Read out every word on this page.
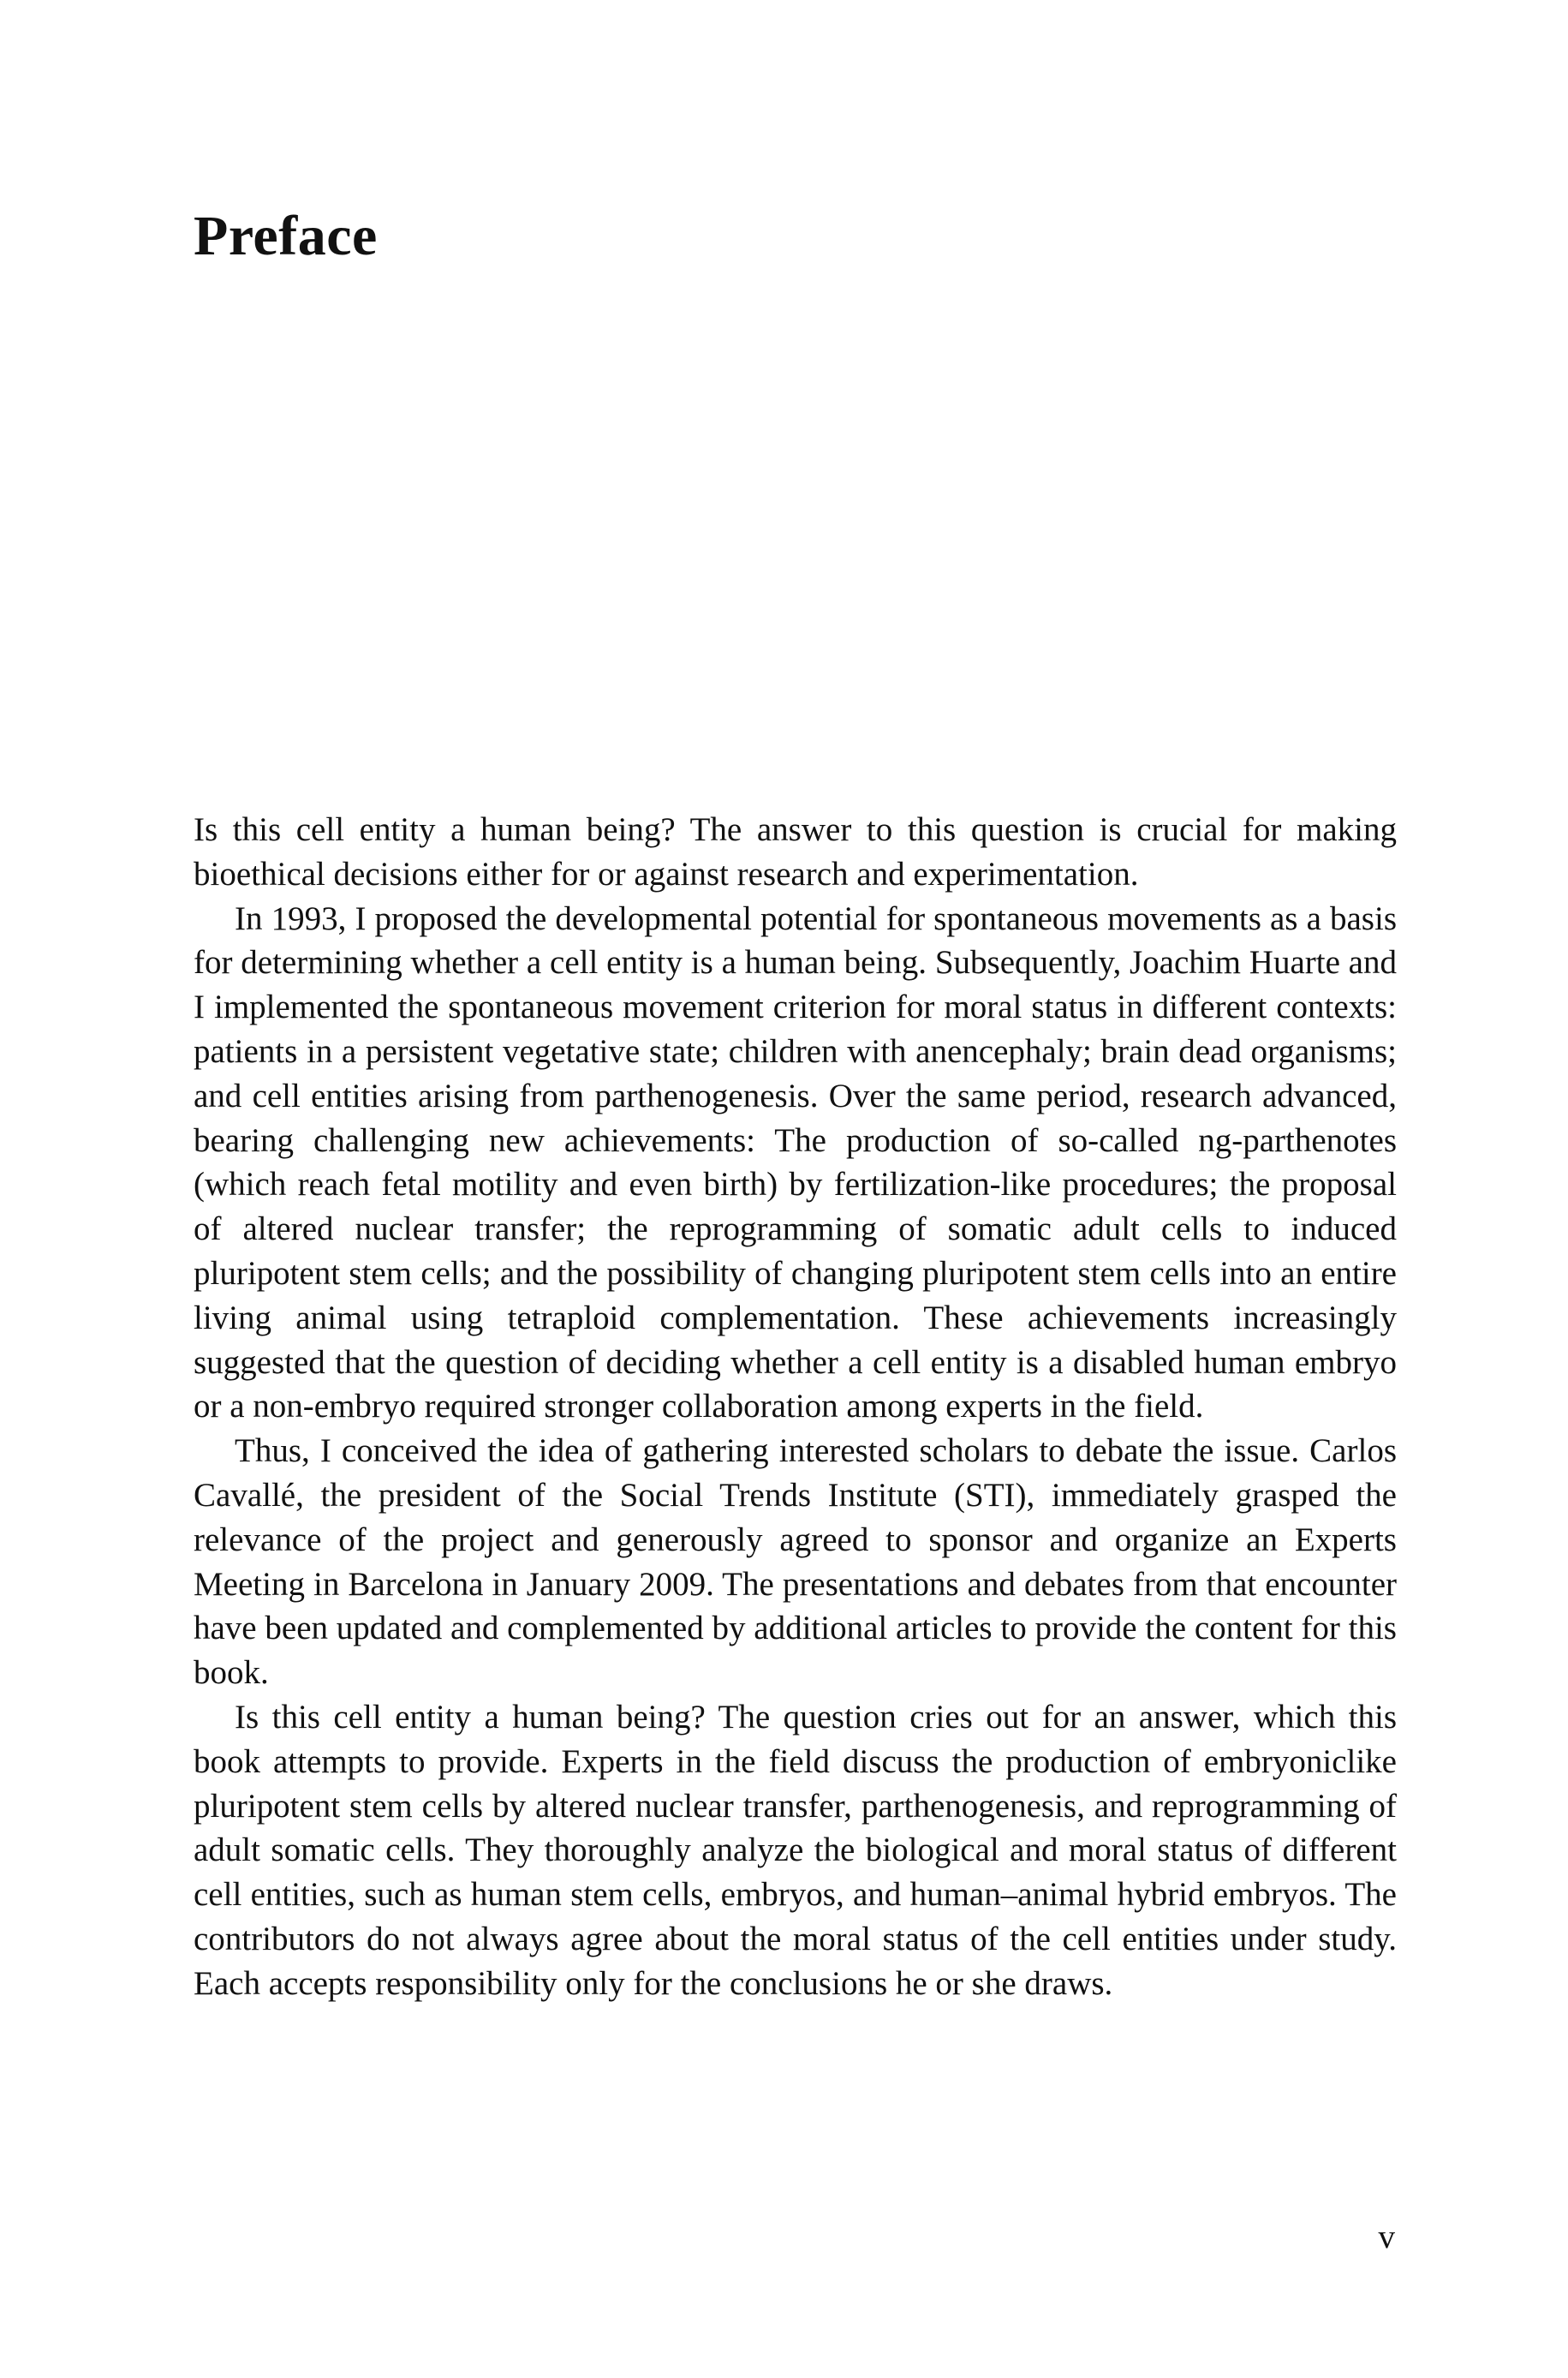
Preface

Is this cell entity a human being? The answer to this question is crucial for making bioethical decisions either for or against research and experimentation.

In 1993, I proposed the developmental potential for spontaneous movements as a basis for determining whether a cell entity is a human being. Subsequently, Joachim Huarte and I implemented the spontaneous movement criterion for moral status in different contexts: patients in a persistent vegetative state; children with anencephaly; brain dead organisms; and cell entities arising from parthenogenesis. Over the same period, research advanced, bearing challenging new achievements: The production of so-called ng-parthenotes (which reach fetal motility and even birth) by fertilization-like procedures; the proposal of altered nuclear transfer; the reprogramming of somatic adult cells to induced pluripotent stem cells; and the possibility of changing pluripotent stem cells into an entire living animal using tetraploid complementation. These achievements increasingly suggested that the question of deciding whether a cell entity is a disabled human embryo or a non-embryo required stronger collaboration among experts in the field.

Thus, I conceived the idea of gathering interested scholars to debate the issue. Carlos Cavallé, the president of the Social Trends Institute (STI), immediately grasped the relevance of the project and generously agreed to sponsor and organize an Experts Meeting in Barcelona in January 2009. The presentations and debates from that encounter have been updated and complemented by additional articles to provide the content for this book.

Is this cell entity a human being? The question cries out for an answer, which this book attempts to provide. Experts in the field discuss the production of embryoniclike pluripotent stem cells by altered nuclear transfer, parthenogenesis, and reprogramming of adult somatic cells. They thoroughly analyze the biological and moral status of different cell entities, such as human stem cells, embryos, and human–animal hybrid embryos. The contributors do not always agree about the moral status of the cell entities under study. Each accepts responsibility only for the conclusions he or she draws.

v
